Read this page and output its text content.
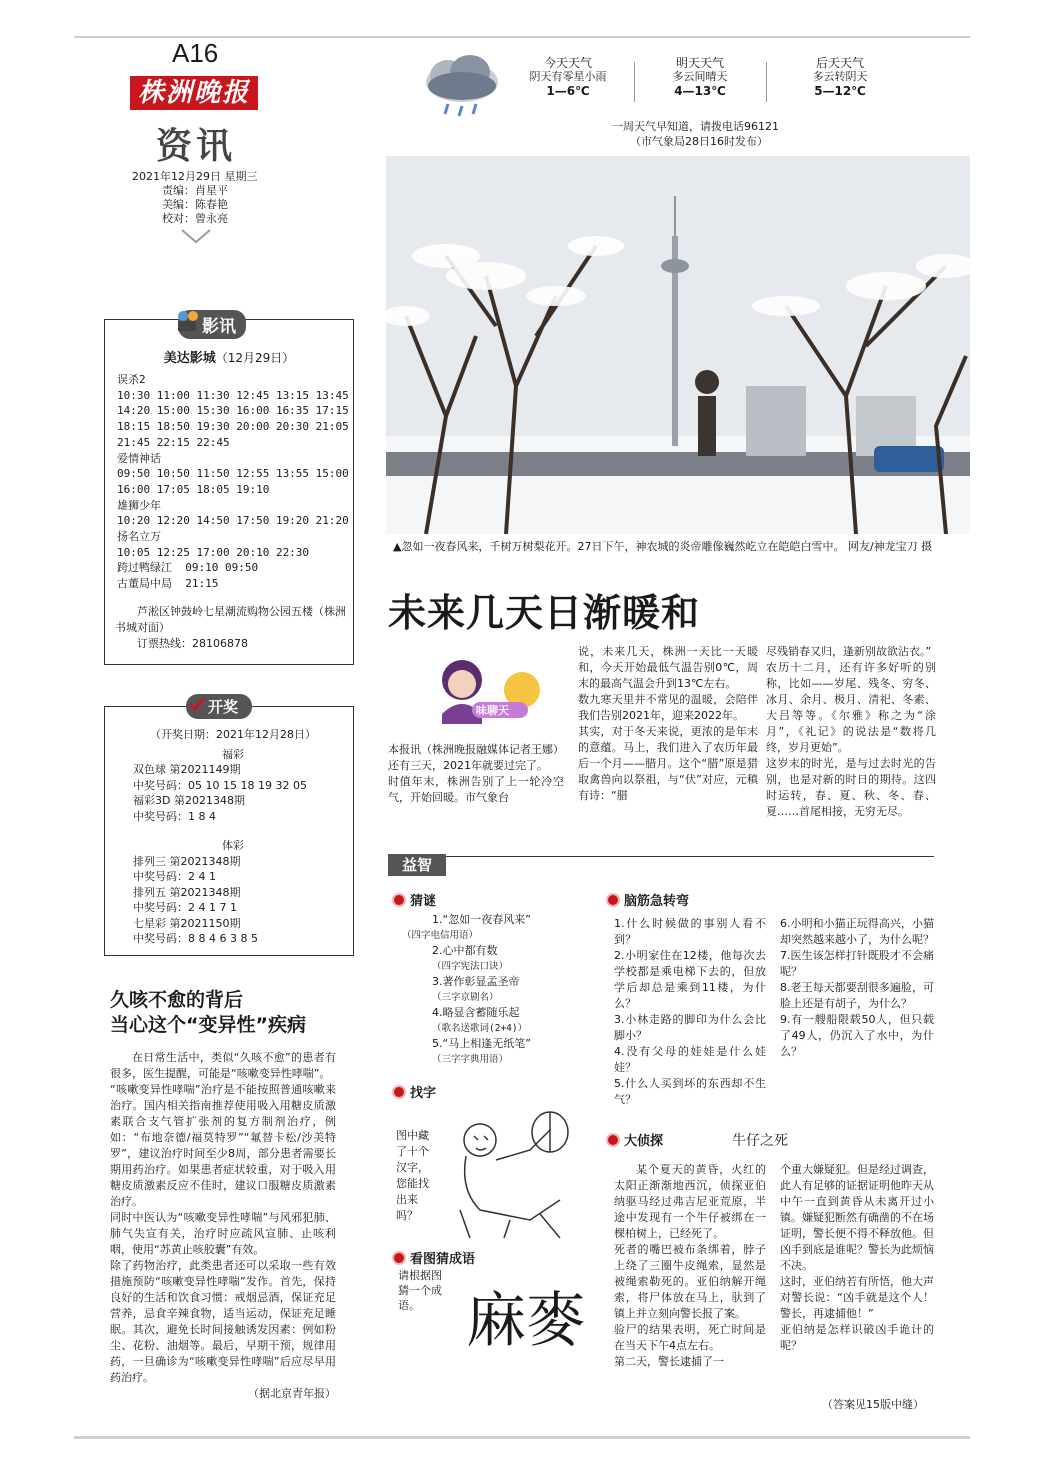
A16
株洲晚报
资讯
2021年12月29日 星期三
责编：肖星平
美编：陈春艳
校对：曾永亮
今天天气
阴天有零星小雨
1—6℃
明天天气
多云间晴天
4—13℃
后天天气
多云转阴天
5—12℃
一周天气早知道，请拨电话96121
（市气象局28日16时发布）
▲忽如一夜春风来，千树万树梨花开。27日下午，神农城的炎帝雕像巍然屹立在皑皑白雪中。 网友/神龙宝刀 摄
未来几天日渐暖和
味聊天
本报讯（株洲晚报融媒体记者王娜）还有三天，2021年就要过完了。
时值年末，株洲告别了上一轮冷空气，开始回暖。市气象台
说，未来几天，株洲一天比一天暖和，今天开始最低气温告别0℃，周末的最高气温会升到13℃左右。
数九寒天里并不常见的温暖，会陪伴我们告别2021年，迎来2022年。
其实，对于冬天来说，更浓的是年末的意蕴。马上，我们进入了农历年最后一个月——腊月。这个“腊”原是猎取禽兽向以祭祖，与“伏”对应，元稹有诗：“腊
尽残销春又归，逢新别故欲沾衣。”
农历十二月，还有许多好听的别称，比如——岁尾、残冬、穷冬、冰月、余月、极月、清祀、冬素、大吕等等。《尔雅》称之为“涂月”，《礼记》的说法是“数将几终，岁月更始”。
这岁末的时光，是与过去时光的告别，也是对新的时日的期待。这四时运转，春、夏、秋、冬、春、夏……首尾相接，无穷无尽。
美达影城（12月29日）
误杀2
10:30 11:00 11:30 12:45 13:15 13:45
14:20 15:00 15:30 16:00 16:35 17:15
18:15 18:50 19:30 20:00 20:30 21:05
21:45 22:15 22:45
爱情神话
09:50 10:50 11:50 12:55 13:55 15:00
16:00 17:05 18:05 19:10
雄狮少年
10:20 12:20 14:50 17:50 19:20 21:20
扬名立万
10:05 12:25 17:00 20:10 22:30
跨过鸭绿江  09:10 09:50
古董局中局  21:15
芦淞区钟鼓岭七星潮流购物公园五楼（株洲书城对面）
订票热线：28106878
影讯
（开奖日期：2021年12月28日）
福彩
双色球 第2021149期
中奖号码：05 10 15 18 19 32 05
福彩3D 第2021348期
中奖号码：1 8 4
体彩
排列三 第2021348期
中奖号码：2 4 1
排列五 第2021348期
中奖号码：2 4 1 7 1
七星彩 第2021150期
中奖号码：8 8 4 6 3 8 5
开奖
久咳不愈的背后
当心这个“变异性”疾病
在日常生活中，类似“久咳不愈”的患者有很多，医生提醒，可能是“咳嗽变异性哮喘”。
“咳嗽变异性哮喘”治疗是不能按照普通咳嗽来治疗。国内相关指南推荐使用吸入用糖皮质激素联合支气管扩张剂的复方制剂治疗，例如：“布地奈德/福莫特罗”“氟替卡松/沙美特罗”，建议治疗时间至少8周，部分患者需要长期用药治疗。如果患者症状较重，对于吸入用糖皮质激素反应不佳时，建议口服糖皮质激素治疗。
同时中医认为“咳嗽变异性哮喘”与风邪犯肺、肺气失宣有关，治疗时应疏风宣肺、止咳利咽，使用“苏黄止咳胶囊”有效。
除了药物治疗，此类患者还可以采取一些有效措施预防“咳嗽变异性哮喘”发作。首先，保持良好的生活和饮食习惯：戒烟忌酒，保证充足营养，忌食辛辣食物，适当运动，保证充足睡眠。其次，避免长时间接触诱发因素：例如粉尘、花粉、油烟等。最后，早期干预，规律用药，一旦确诊为“咳嗽变异性哮喘”后应尽早用药治疗。
（据北京青年报）
益智
猜谜
1.“忽如一夜春风来”
（四字电信用语）
2.心中都有数
（四字宪法口诀）
3.著作彰显孟圣帝
（三字京剧名）
4.略显含蓄随乐起
（歌名送歌词(2+4)）
5.“马上相逢无纸笔”
（三字字典用语）
找字
图中藏了十个汉字，您能找出来吗？
看图猜成语
请根据图猜一个成语。 麻麥
脑筋急转弯
1.什么时候做的事别人看不到？
2.小明家住在12楼，他每次去学校都是乘电梯下去的，但放学后却总是乘到11楼，为什么？
3.小林走路的脚印为什么会比脚小？
4.没有父母的娃娃是什么娃娃？
5.什么人买到坏的东西却不生气？
6.小明和小猫正玩得高兴，小猫却突然越来越小了，为什么呢？
7.医生该怎样打针既股才不会痛呢？
8.老王每天都要刮很多遍脸，可脸上还是有胡子，为什么？
9.有一艘船限载50人，但只载了49人，仍沉入了水中，为什么？
大侦探	牛仔之死
某个夏天的黄昏，火红的太阳正渐渐地西沉，侦探亚伯纳驱马经过弗吉尼亚荒原，半途中发现有一个牛仔被绑在一棵柏树上，已经死了。
死者的嘴巴被布条绑着，脖子上绕了三圈牛皮绳索，显然是被绳索勒死的。亚伯纳解开绳索，将尸体放在马上，驮到了镇上并立刻向警长报了案。
验尸的结果表明，死亡时间是在当天下午4点左右。
第二天，警长逮捕了一
个重大嫌疑犯。但是经过调查，此人有足够的证据证明他昨天从中午一直到黄昏从未离开过小镇。嫌疑犯断然有确凿的不在场证明，警长便不得不释放他。但凶手到底是谁呢？警长为此烦恼不决。
这时，亚伯纳若有所悟，他大声对警长说：“凶手就是这个人！警长，再逮捕他！”
亚伯纳是怎样识破凶手诡计的呢？
（答案见15版中缝）
